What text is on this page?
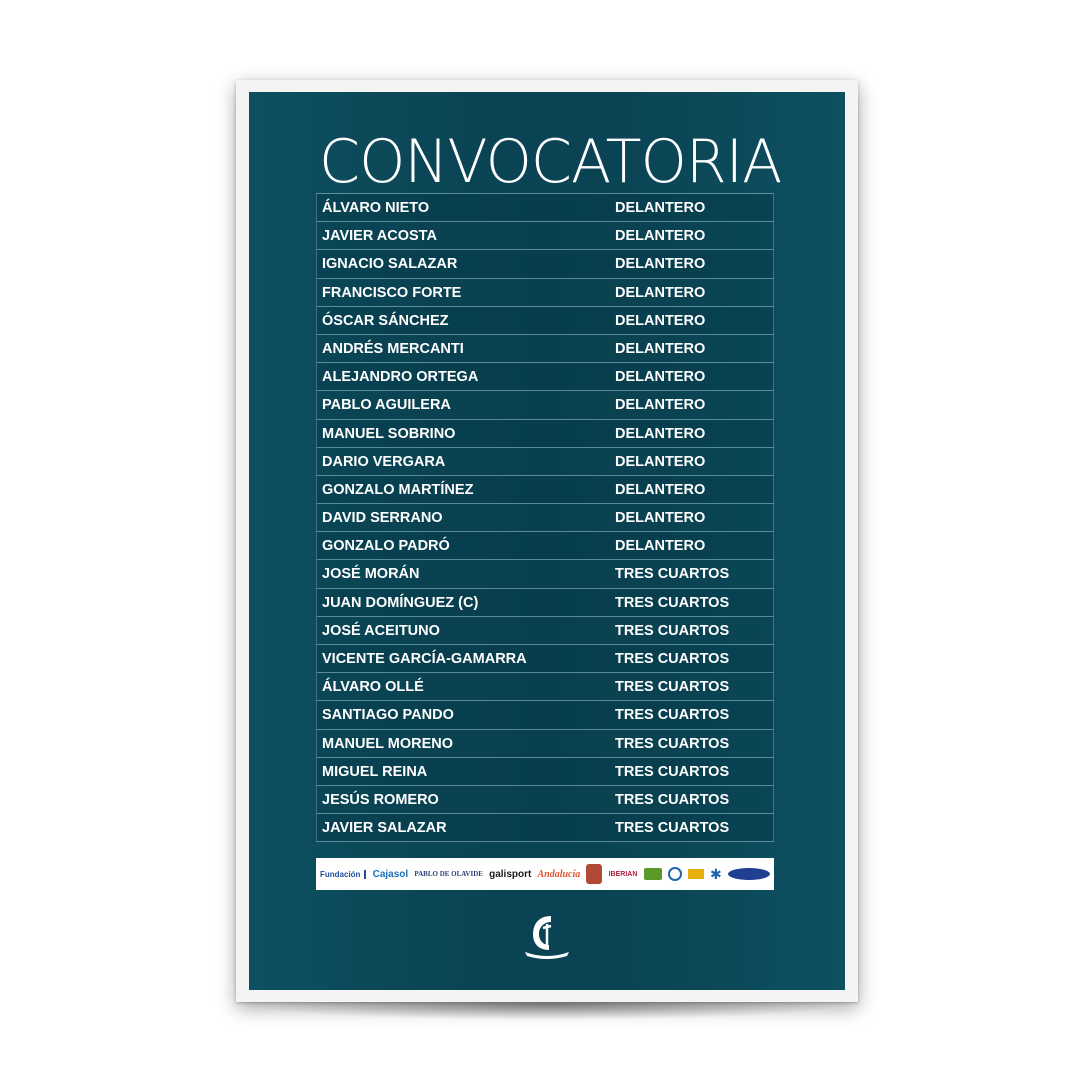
CONVOCATORIA
ÁLVARO NIETO	DELANTERO
JAVIER ACOSTA	DELANTERO
IGNACIO SALAZAR	DELANTERO
FRANCISCO FORTE	DELANTERO
ÓSCAR SÁNCHEZ	DELANTERO
ANDRÉS MERCANTI	DELANTERO
ALEJANDRO ORTEGA	DELANTERO
PABLO AGUILERA	DELANTERO
MANUEL SOBRINO	DELANTERO
DARIO VERGARA	DELANTERO
GONZALO MARTÍNEZ	DELANTERO
DAVID SERRANO	DELANTERO
GONZALO PADRÓ	DELANTERO
JOSÉ MORÁN	TRES CUARTOS
JUAN DOMÍNGUEZ (C)	TRES CUARTOS
JOSÉ ACEITUNO	TRES CUARTOS
VICENTE GARCÍA-GAMARRA	TRES CUARTOS
ÁLVARO OLLÉ	TRES CUARTOS
SANTIAGO PANDO	TRES CUARTOS
MANUEL MORENO	TRES CUARTOS
MIGUEL REINA	TRES CUARTOS
JESÚS ROMERO	TRES CUARTOS
JAVIER SALAZAR	TRES CUARTOS
Fundación	Cajasol PABLO DE OLAVIDE galisport Andalucía	IBERIAN	✱
